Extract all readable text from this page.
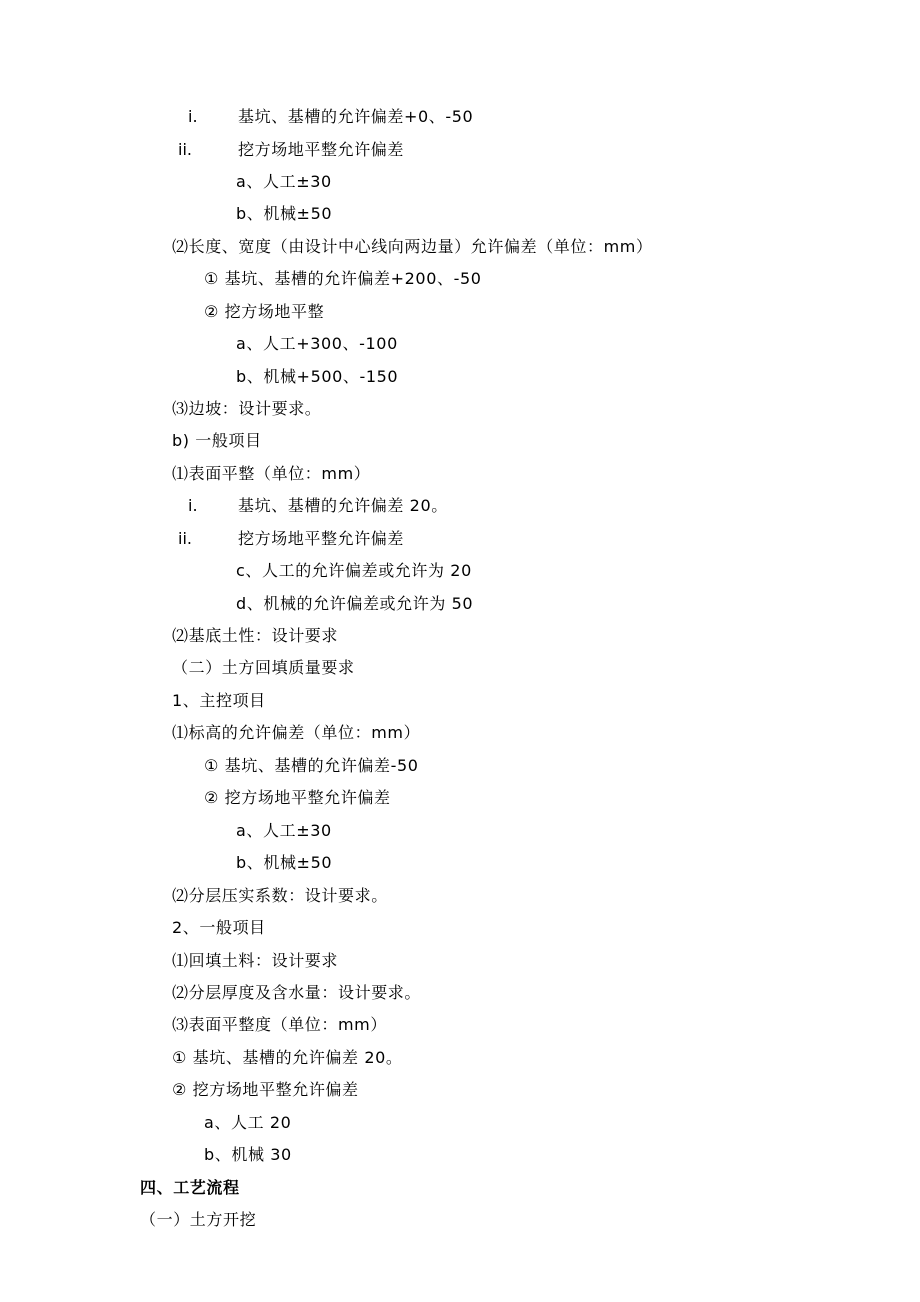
i.	基坑、基槽的允许偏差+0、-50
ii.	挖方场地平整允许偏差
a、人工±30
b、机械±50
⑵长度、宽度（由设计中心线向两边量）允许偏差（单位：mm）
① 基坑、基槽的允许偏差+200、-50
② 挖方场地平整
a、人工+300、-100
b、机械+500、-150
⑶边坡：设计要求。
b) 一般项目
⑴表面平整（单位：mm）
i.	基坑、基槽的允许偏差 20。
ii.	挖方场地平整允许偏差
c、人工的允许偏差或允许为 20
d、机械的允许偏差或允许为 50
⑵基底土性：设计要求
（二）土方回填质量要求
1、主控项目
⑴标高的允许偏差（单位：mm）
① 基坑、基槽的允许偏差-50
② 挖方场地平整允许偏差
a、人工±30
b、机械±50
⑵分层压实系数：设计要求。
2、一般项目
⑴回填土料：设计要求
⑵分层厚度及含水量：设计要求。
⑶表面平整度（单位：mm）
① 基坑、基槽的允许偏差 20。
② 挖方场地平整允许偏差
a、人工 20
b、机械 30
四、工艺流程
（一）土方开挖
